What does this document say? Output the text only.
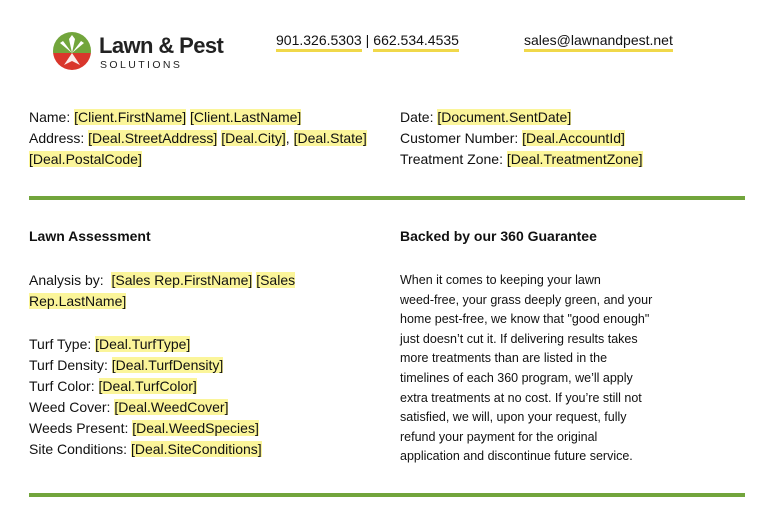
Lawn & Pest
SOLUTIONS
901.326.5303 | 662.534.4535	sales@lawnandpest.net
Name: [Client.FirstName] [Client.LastName]
Address: [Deal.StreetAddress] [Deal.City], [Deal.State]
[Deal.PostalCode]
Date: [Document.SentDate]
Customer Number: [Deal.AccountId]
Treatment Zone: [Deal.TreatmentZone]
Lawn Assessment
Analysis by: [Sales Rep.FirstName] [Sales
Rep.LastName]
Turf Type: [Deal.TurfType]
Turf Density: [Deal.TurfDensity]
Turf Color: [Deal.TurfColor]
Weed Cover: [Deal.WeedCover]
Weeds Present: [Deal.WeedSpecies]
Site Conditions: [Deal.SiteConditions]
Backed by our 360 Guarantee
When it comes to keeping your lawn
weed-free, your grass deeply green, and your
home pest-free, we know that "good enough"
just doesn’t cut it. If delivering results takes
more treatments than are listed in the
timelines of each 360 program, we’ll apply
extra treatments at no cost. If you’re still not
satisfied, we will, upon your request, fully
refund your payment for the original
application and discontinue future service.
